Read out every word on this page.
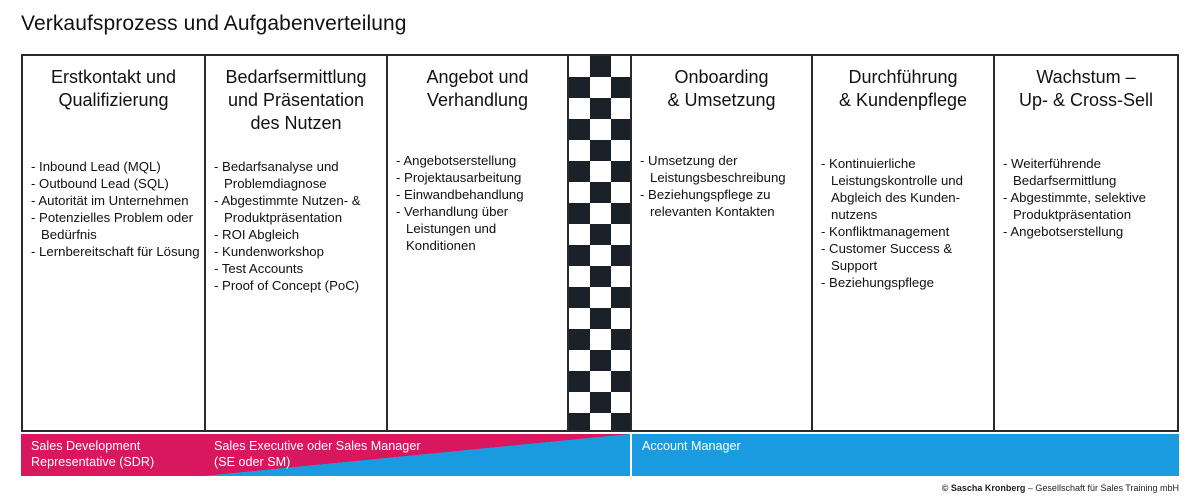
Verkaufsprozess und Aufgabenverteilung
Erstkontakt und
Qualifizierung
- Inbound Lead (MQL)
- Outbound Lead (SQL)
- Autorität im Unternehmen
- Potenzielles Problem oder Bedürfnis
- Lernbereitschaft für Lösung
Bedarfsermittlung
und Präsentation
des Nutzen
- Bedarfsanalyse und Problemdiagnose
- Abgestimmte Nutzen- & Produktpräsentation
- ROI Abgleich
- Kundenworkshop
- Test Accounts
- Proof of Concept (PoC)
Angebot und
Verhandlung
- Angebotserstellung
- Projektausarbeitung
- Einwandbehandlung
- Verhandlung über Leistungen und Konditionen
Onboarding
& Umsetzung
- Umsetzung der Leistungsbeschreibung
- Beziehungspflege zu relevanten Kontakten
Durchführung
& Kundenpflege
- Kontinuierliche Leistungskontrolle und Abgleich des Kunden-nutzens
- Konfliktmanagement
- Customer Success & Support
- Beziehungspflege
Wachstum –
Up- & Cross-Sell
- Weiterführende Bedarfsermittlung
- Abgestimmte, selektive Produktpräsentation
- Angebotserstellung
Sales Development
Representative (SDR)
Sales Executive oder Sales Manager
(SE oder SM)
Account Manager
© Sascha Kronberg – Gesellschaft für Sales Training mbH
